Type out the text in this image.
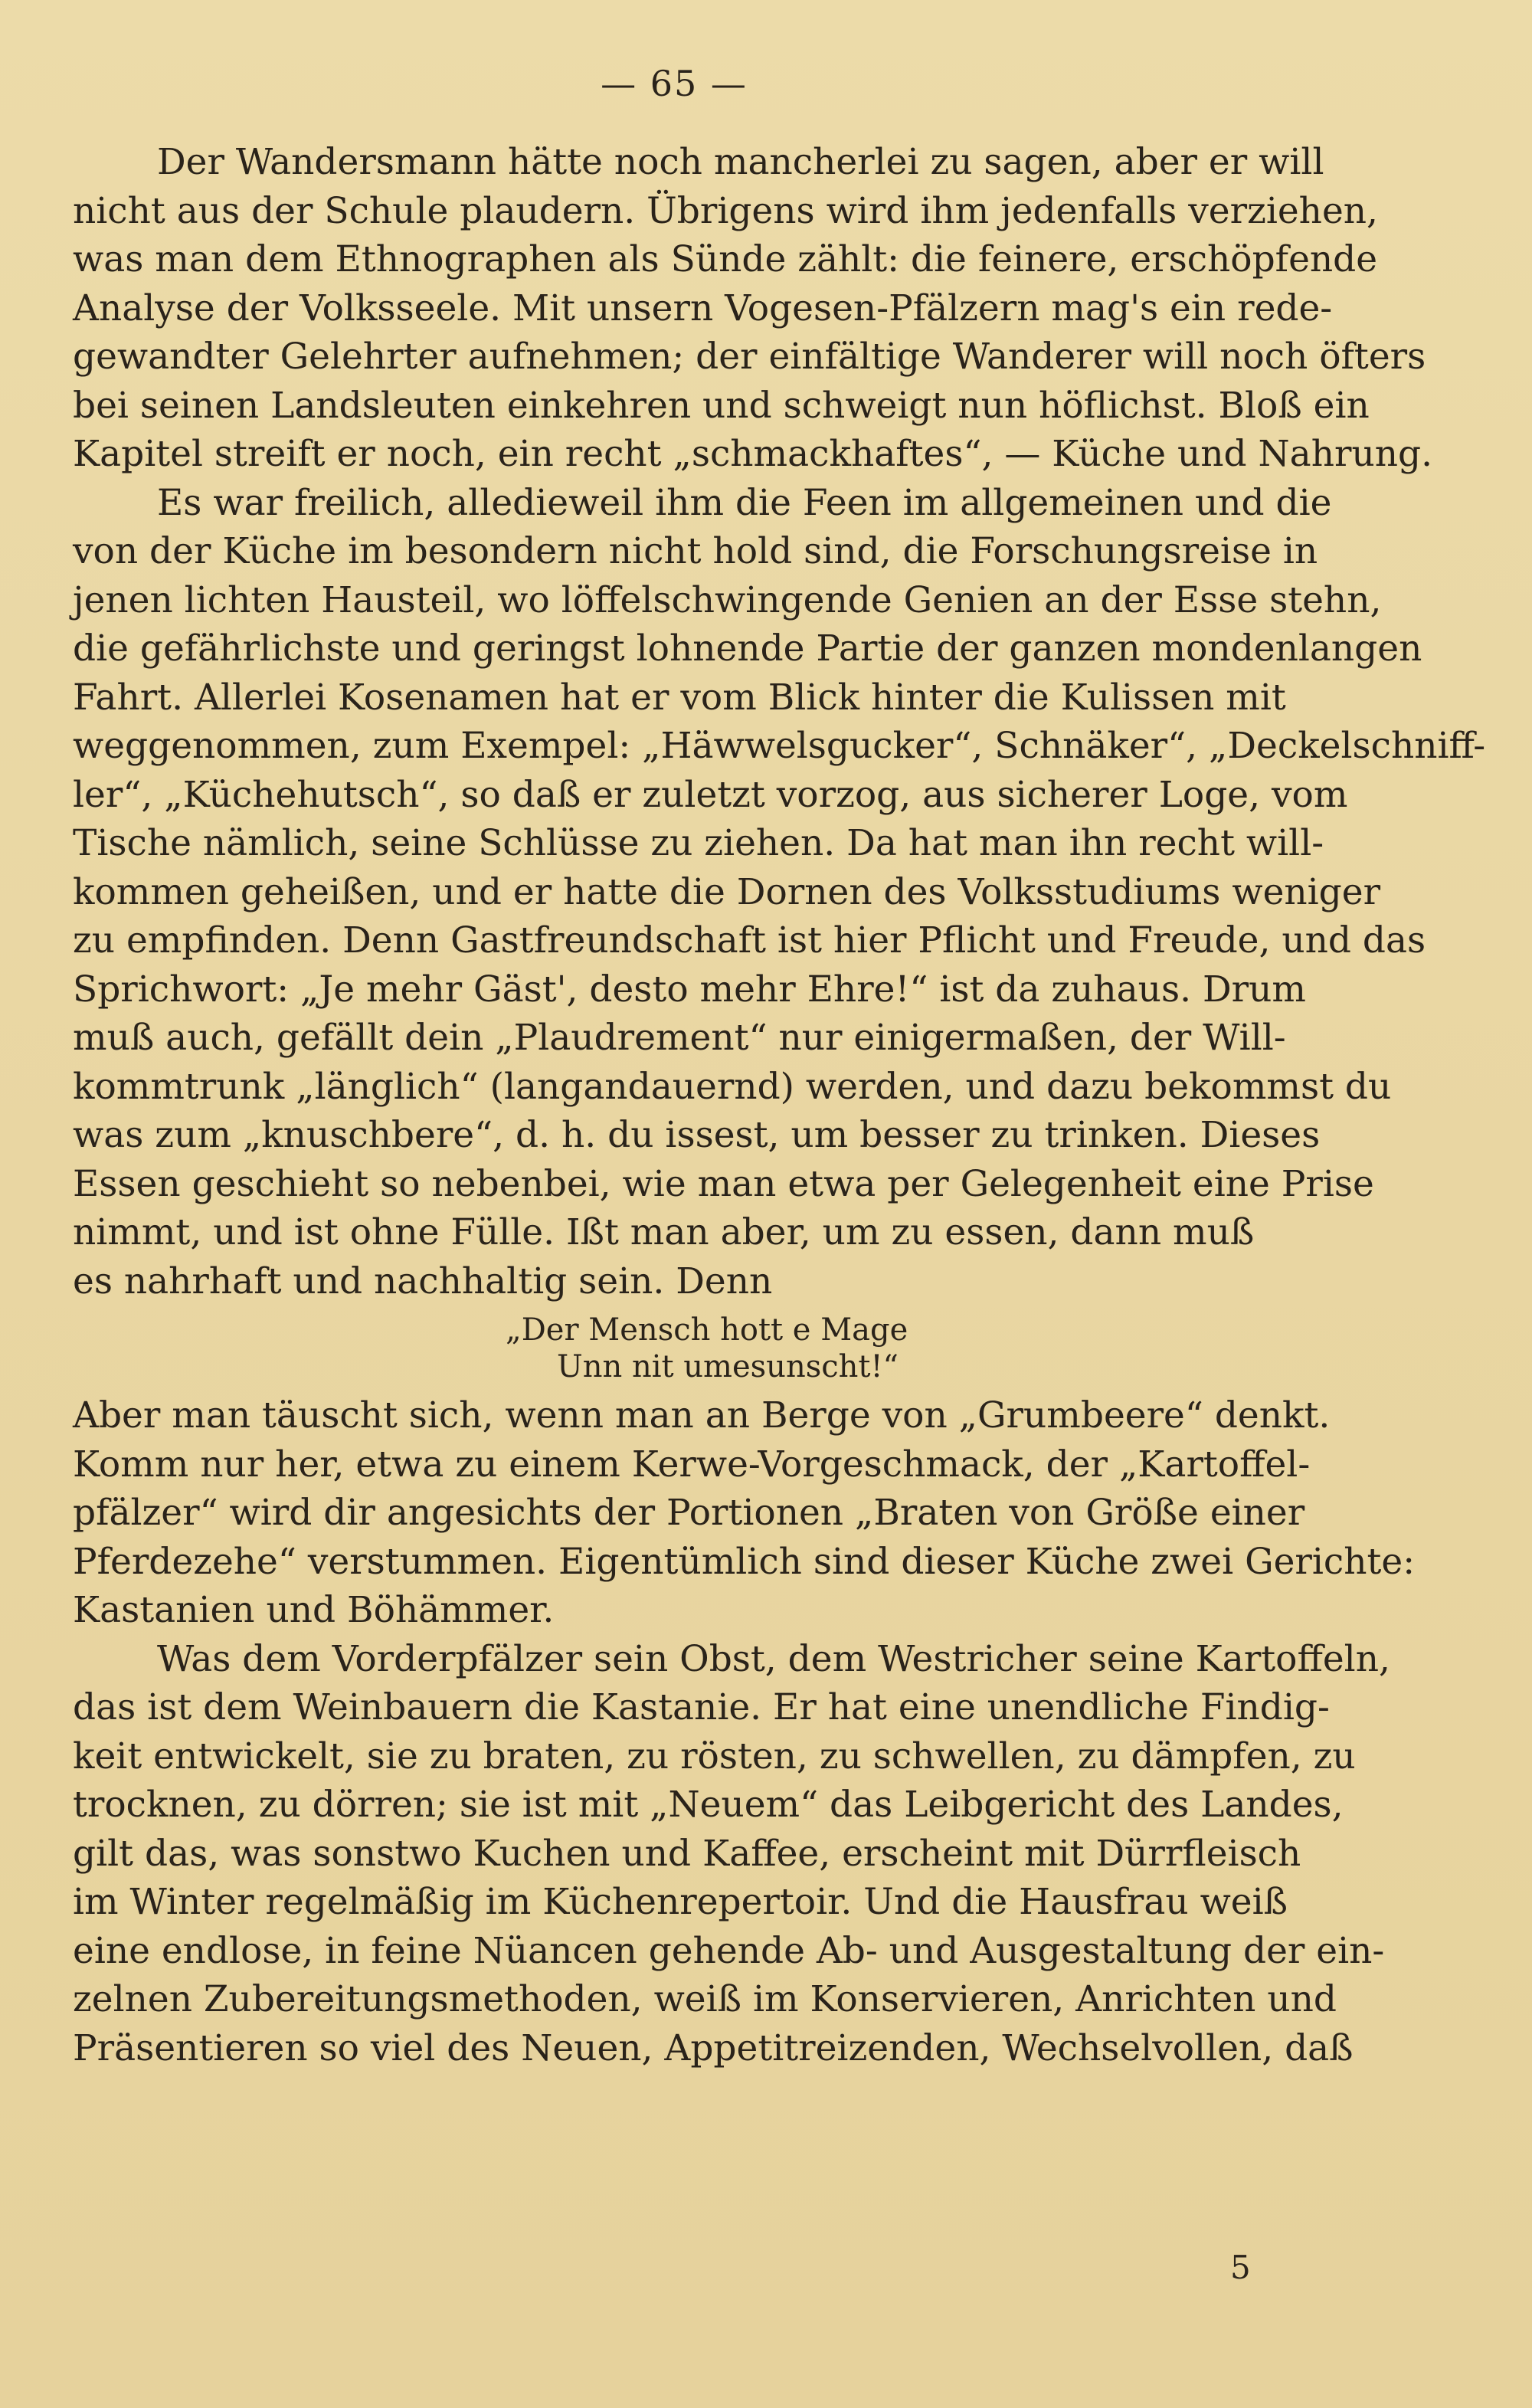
— 65 —
Der Wandersmann hätte noch mancherlei zu sagen, aber er will
nicht aus der Schule plaudern. Übrigens wird ihm jedenfalls verziehen,
was man dem Ethnographen als Sünde zählt: die feinere, erschöpfende
Analyse der Volksseele. Mit unsern Vogesen-Pfälzern mag's ein rede-
gewandter Gelehrter aufnehmen; der einfältige Wanderer will noch öfters
bei seinen Landsleuten einkehren und schweigt nun höflichst. Bloß ein
Kapitel streift er noch, ein recht „schmackhaftes“, — Küche und Nahrung.
Es war freilich, alledieweil ihm die Feen im allgemeinen und die
von der Küche im besondern nicht hold sind, die Forschungsreise in
jenen lichten Hausteil, wo löffelschwingende Genien an der Esse stehn,
die gefährlichste und geringst lohnende Partie der ganzen mondenlangen
Fahrt. Allerlei Kosenamen hat er vom Blick hinter die Kulissen mit
weggenommen, zum Exempel: „Häwwelsgucker“, Schnäker“, „Deckelschniff-
ler“, „Küchehutsch“, so daß er zuletzt vorzog, aus sicherer Loge, vom
Tische nämlich, seine Schlüsse zu ziehen. Da hat man ihn recht will-
kommen geheißen, und er hatte die Dornen des Volksstudiums weniger
zu empfinden. Denn Gastfreundschaft ist hier Pflicht und Freude, und das
Sprichwort: „Je mehr Gäst', desto mehr Ehre!“ ist da zuhaus. Drum
muß auch, gefällt dein „Plaudrement“ nur einigermaßen, der Will-
kommtrunk „länglich“ (langandauernd) werden, und dazu bekommst du
was zum „knuschbere“, d. h. du issest, um besser zu trinken. Dieses
Essen geschieht so nebenbei, wie man etwa per Gelegenheit eine Prise
nimmt, und ist ohne Fülle. Ißt man aber, um zu essen, dann muß
es nahrhaft und nachhaltig sein. Denn
„Der Mensch hott e Mage
Unn nit umesunscht!“
Aber man täuscht sich, wenn man an Berge von „Grumbeere“ denkt.
Komm nur her, etwa zu einem Kerwe-Vorgeschmack, der „Kartoffel-
pfälzer“ wird dir angesichts der Portionen „Braten von Größe einer
Pferdezehe“ verstummen. Eigentümlich sind dieser Küche zwei Gerichte:
Kastanien und Böhämmer.
Was dem Vorderpfälzer sein Obst, dem Westricher seine Kartoffeln,
das ist dem Weinbauern die Kastanie. Er hat eine unendliche Findig-
keit entwickelt, sie zu braten, zu rösten, zu schwellen, zu dämpfen, zu
trocknen, zu dörren; sie ist mit „Neuem“ das Leibgericht des Landes,
gilt das, was sonstwo Kuchen und Kaffee, erscheint mit Dürrfleisch
im Winter regelmäßig im Küchenrepertoir. Und die Hausfrau weiß
eine endlose, in feine Nüancen gehende Ab- und Ausgestaltung der ein-
zelnen Zubereitungsmethoden, weiß im Konservieren, Anrichten und
Präsentieren so viel des Neuen, Appetitreizenden, Wechselvollen, daß
5
